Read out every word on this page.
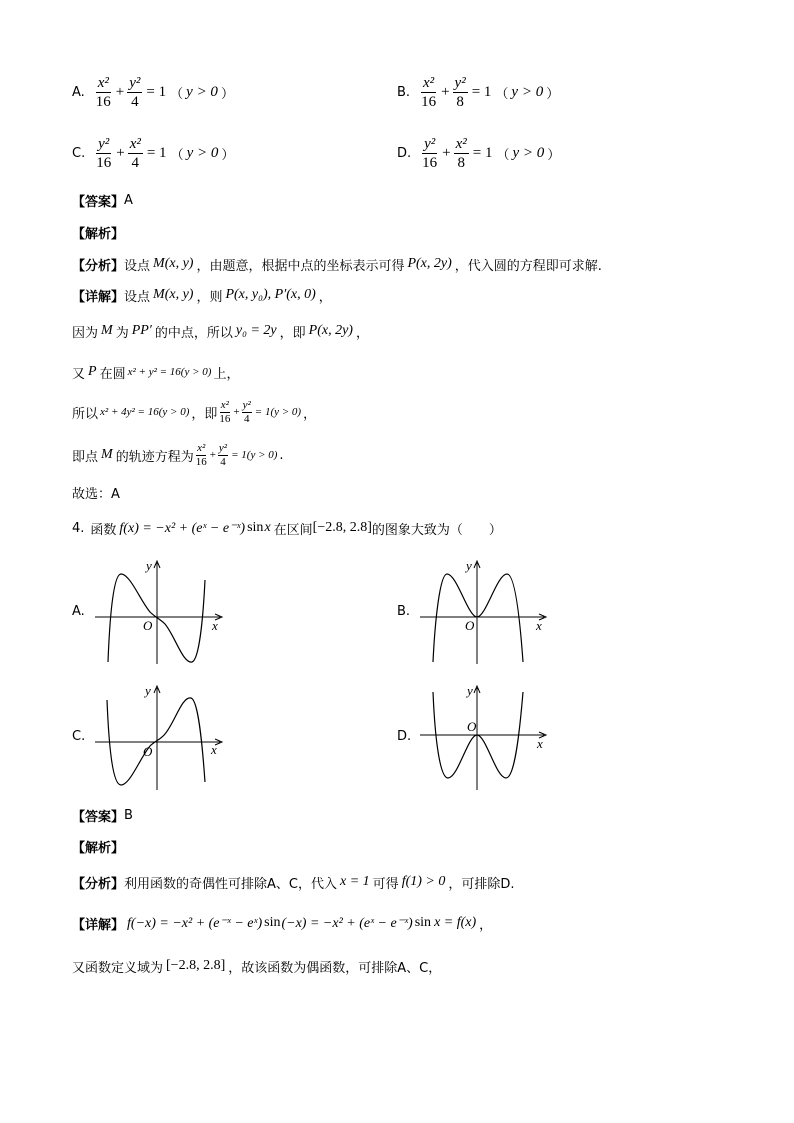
A. $\frac{\text{x²}}{16} + \frac{\text{y²}}{4} = 1$ （ y > 0 ）	B. $\frac{\text{x²}}{16} + \frac{\text{y²}}{8} = 1$ （ y > 0 ）
C. $\frac{\text{y²}}{16} + \frac{\text{x²}}{4} = 1$ （ y > 0 ）	D. $\frac{\text{y²}}{16} + \frac{\text{x²}}{8} = 1$ （ y > 0 ）
【答案】 A
【解析】
【分析】 设点 M(x, y) ，由题意，根据中点的坐标表示可得 P(x, 2y) ，代入圆的方程即可求解.
【详解】 设点 M(x, y) ，则 P(x, y₀), P′(x, 0) ，
因为 M 为 PP′ 的中点，所以 y₀ = 2y ，即 P(x, 2y) ，
又 P 在圆 x² + y² = 16(y > 0) 上，
所以 x² + 4y² = 16(y > 0) ，即 $\frac{\text{x²}}{16} + \frac{\text{y²}}{4} = 1(y > 0)$ ，
即点 M 的轨迹方程为 $\frac{\text{x²}}{16} + \frac{\text{y²}}{4} = 1(y > 0)$ .
故选：A
4. 函数 f(x) = −x² + (eˣ − e⁻ˣ) sin x 在区间 [−2.8, 2.8] 的图象大致为（　　）
A.
y
x
O
B.
y
x
O
C.
y
x
O
D.
y
x
O
【答案】 B
【解析】
【分析】 利用函数的奇偶性可排除A、C，代入 x = 1 可得 f(1) > 0 ，可排除D.
【详解】 f(−x) = −x² + (e⁻ˣ − eˣ) sin (−x) = −x² + (eˣ − e⁻ˣ) sin x = f(x) ，
又函数定义域为 [−2.8, 2.8] ，故该函数为偶函数，可排除A、C，
